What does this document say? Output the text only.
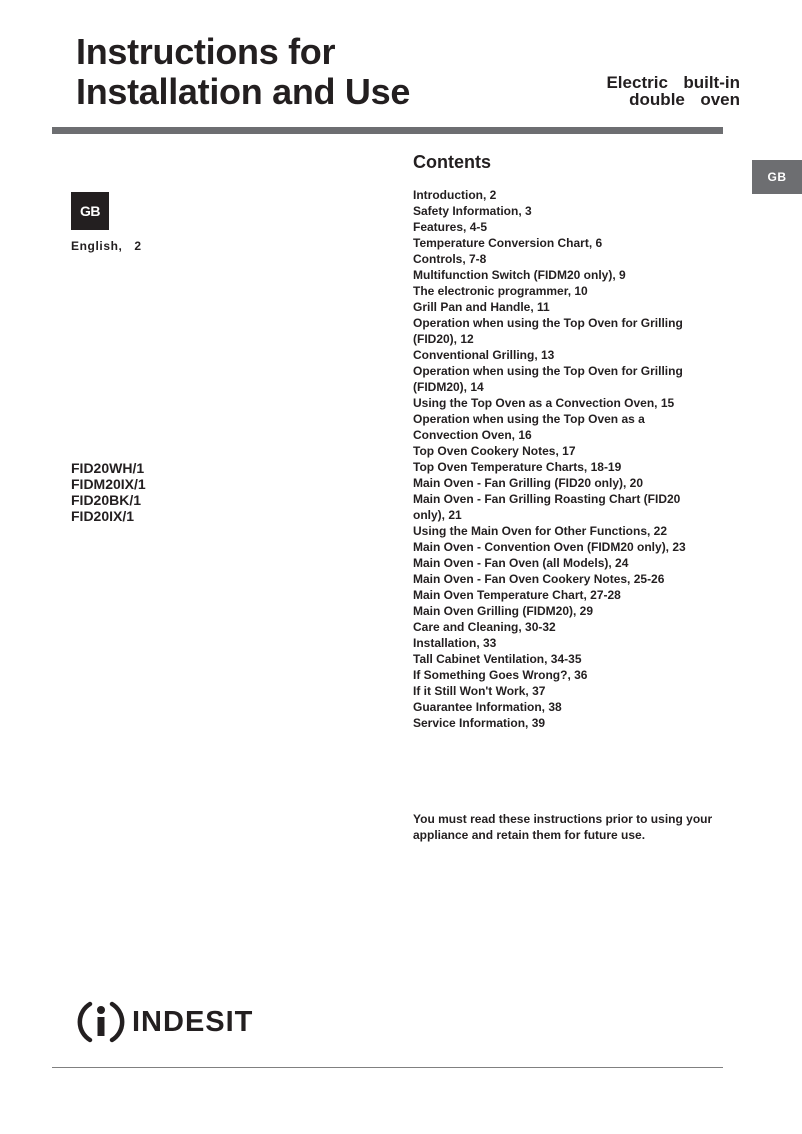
Instructions for
Installation and Use	Electric  built-in
double  oven
GB
GB
English,  2
FID20WH/1
FIDM20IX/1
FID20BK/1
FID20IX/1
Contents
Introduction, 2
Safety Information, 3
Features, 4-5
Temperature Conversion Chart, 6
Controls, 7-8
Multifunction Switch (FIDM20 only), 9
The electronic programmer, 10
Grill Pan and Handle, 11
Operation when using the Top Oven for Grilling (FID20), 12
Conventional Grilling, 13
Operation when using the Top Oven for Grilling (FIDM20), 14
Using the Top Oven as a Convection Oven, 15
Operation when using the Top Oven as a Convection Oven, 16
Top Oven Cookery Notes, 17
Top Oven Temperature Charts, 18-19
Main Oven - Fan Grilling (FID20 only), 20
Main Oven - Fan Grilling Roasting Chart (FID20 only), 21
Using the Main Oven for Other Functions, 22
Main Oven - Convention Oven (FIDM20 only), 23
Main Oven - Fan Oven (all Models), 24
Main Oven - Fan Oven Cookery Notes, 25-26
Main Oven Temperature Chart, 27-28
Main Oven Grilling (FIDM20), 29
Care and Cleaning, 30-32
Installation, 33
Tall Cabinet Ventilation, 34-35
If Something Goes Wrong?, 36
If it Still Won't Work, 37
Guarantee Information, 38
Service Information, 39
You must read these instructions prior to using your appliance and retain them for future use.
INDESIT
